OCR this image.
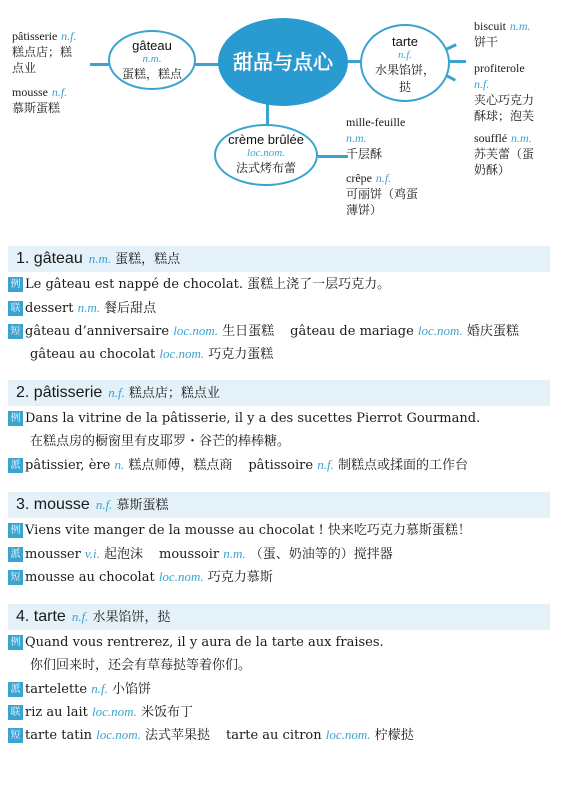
甜品与点心
gâteau
n.m.
蛋糕，糕点
tarte
n.f.
水果馅饼，
挞
crème brûlée
loc.nom.
法式烤布蕾
pâtisserie n.f.
糕点店；糕
点业
mousse n.f.
慕斯蛋糕
biscuit n.m.
饼干
profiterole
n.f.
夹心巧克力
酥球；泡芙
soufflé n.m.
苏芙蕾（蛋
奶酥）
mille-feuille
n.m.
千层酥
crêpe n.f.
可丽饼（鸡蛋
薄饼）
1. gâteau n.m. 蛋糕，糕点
例 Le gâteau est nappé de chocolat. 蛋糕上浇了一层巧克力。
联 dessert n.m. 餐后甜点
短 gâteau d’anniversaire loc.nom. 生日蛋糕 gâteau de mariage loc.nom. 婚庆蛋糕
gâteau au chocolat loc.nom. 巧克力蛋糕
2. pâtisserie n.f. 糕点店；糕点业
例 Dans la vitrine de la pâtisserie, il y a des sucettes Pierrot Gourmand.
在糕点房的橱窗里有皮耶罗・谷芒的棒棒糖。
派 pâtissier, ère n. 糕点师傅，糕点商 pâtissoire n.f. 制糕点或揉面的工作台
3. mousse n.f. 慕斯蛋糕
例 Viens vite manger de la mousse au chocolat ! 快来吃巧克力慕斯蛋糕！
派 mousser v.i. 起泡沫 moussoir n.m. （蛋、奶油等的）搅拌器
短 mousse au chocolat loc.nom. 巧克力慕斯
4. tarte n.f. 水果馅饼，挞
例 Quand vous rentrerez, il y aura de la tarte aux fraises.
你们回来时，还会有草莓挞等着你们。
派 tartelette n.f. 小馅饼
联 riz au lait loc.nom. 米饭布丁
短 tarte tatin loc.nom. 法式苹果挞 tarte au citron loc.nom. 柠檬挞
